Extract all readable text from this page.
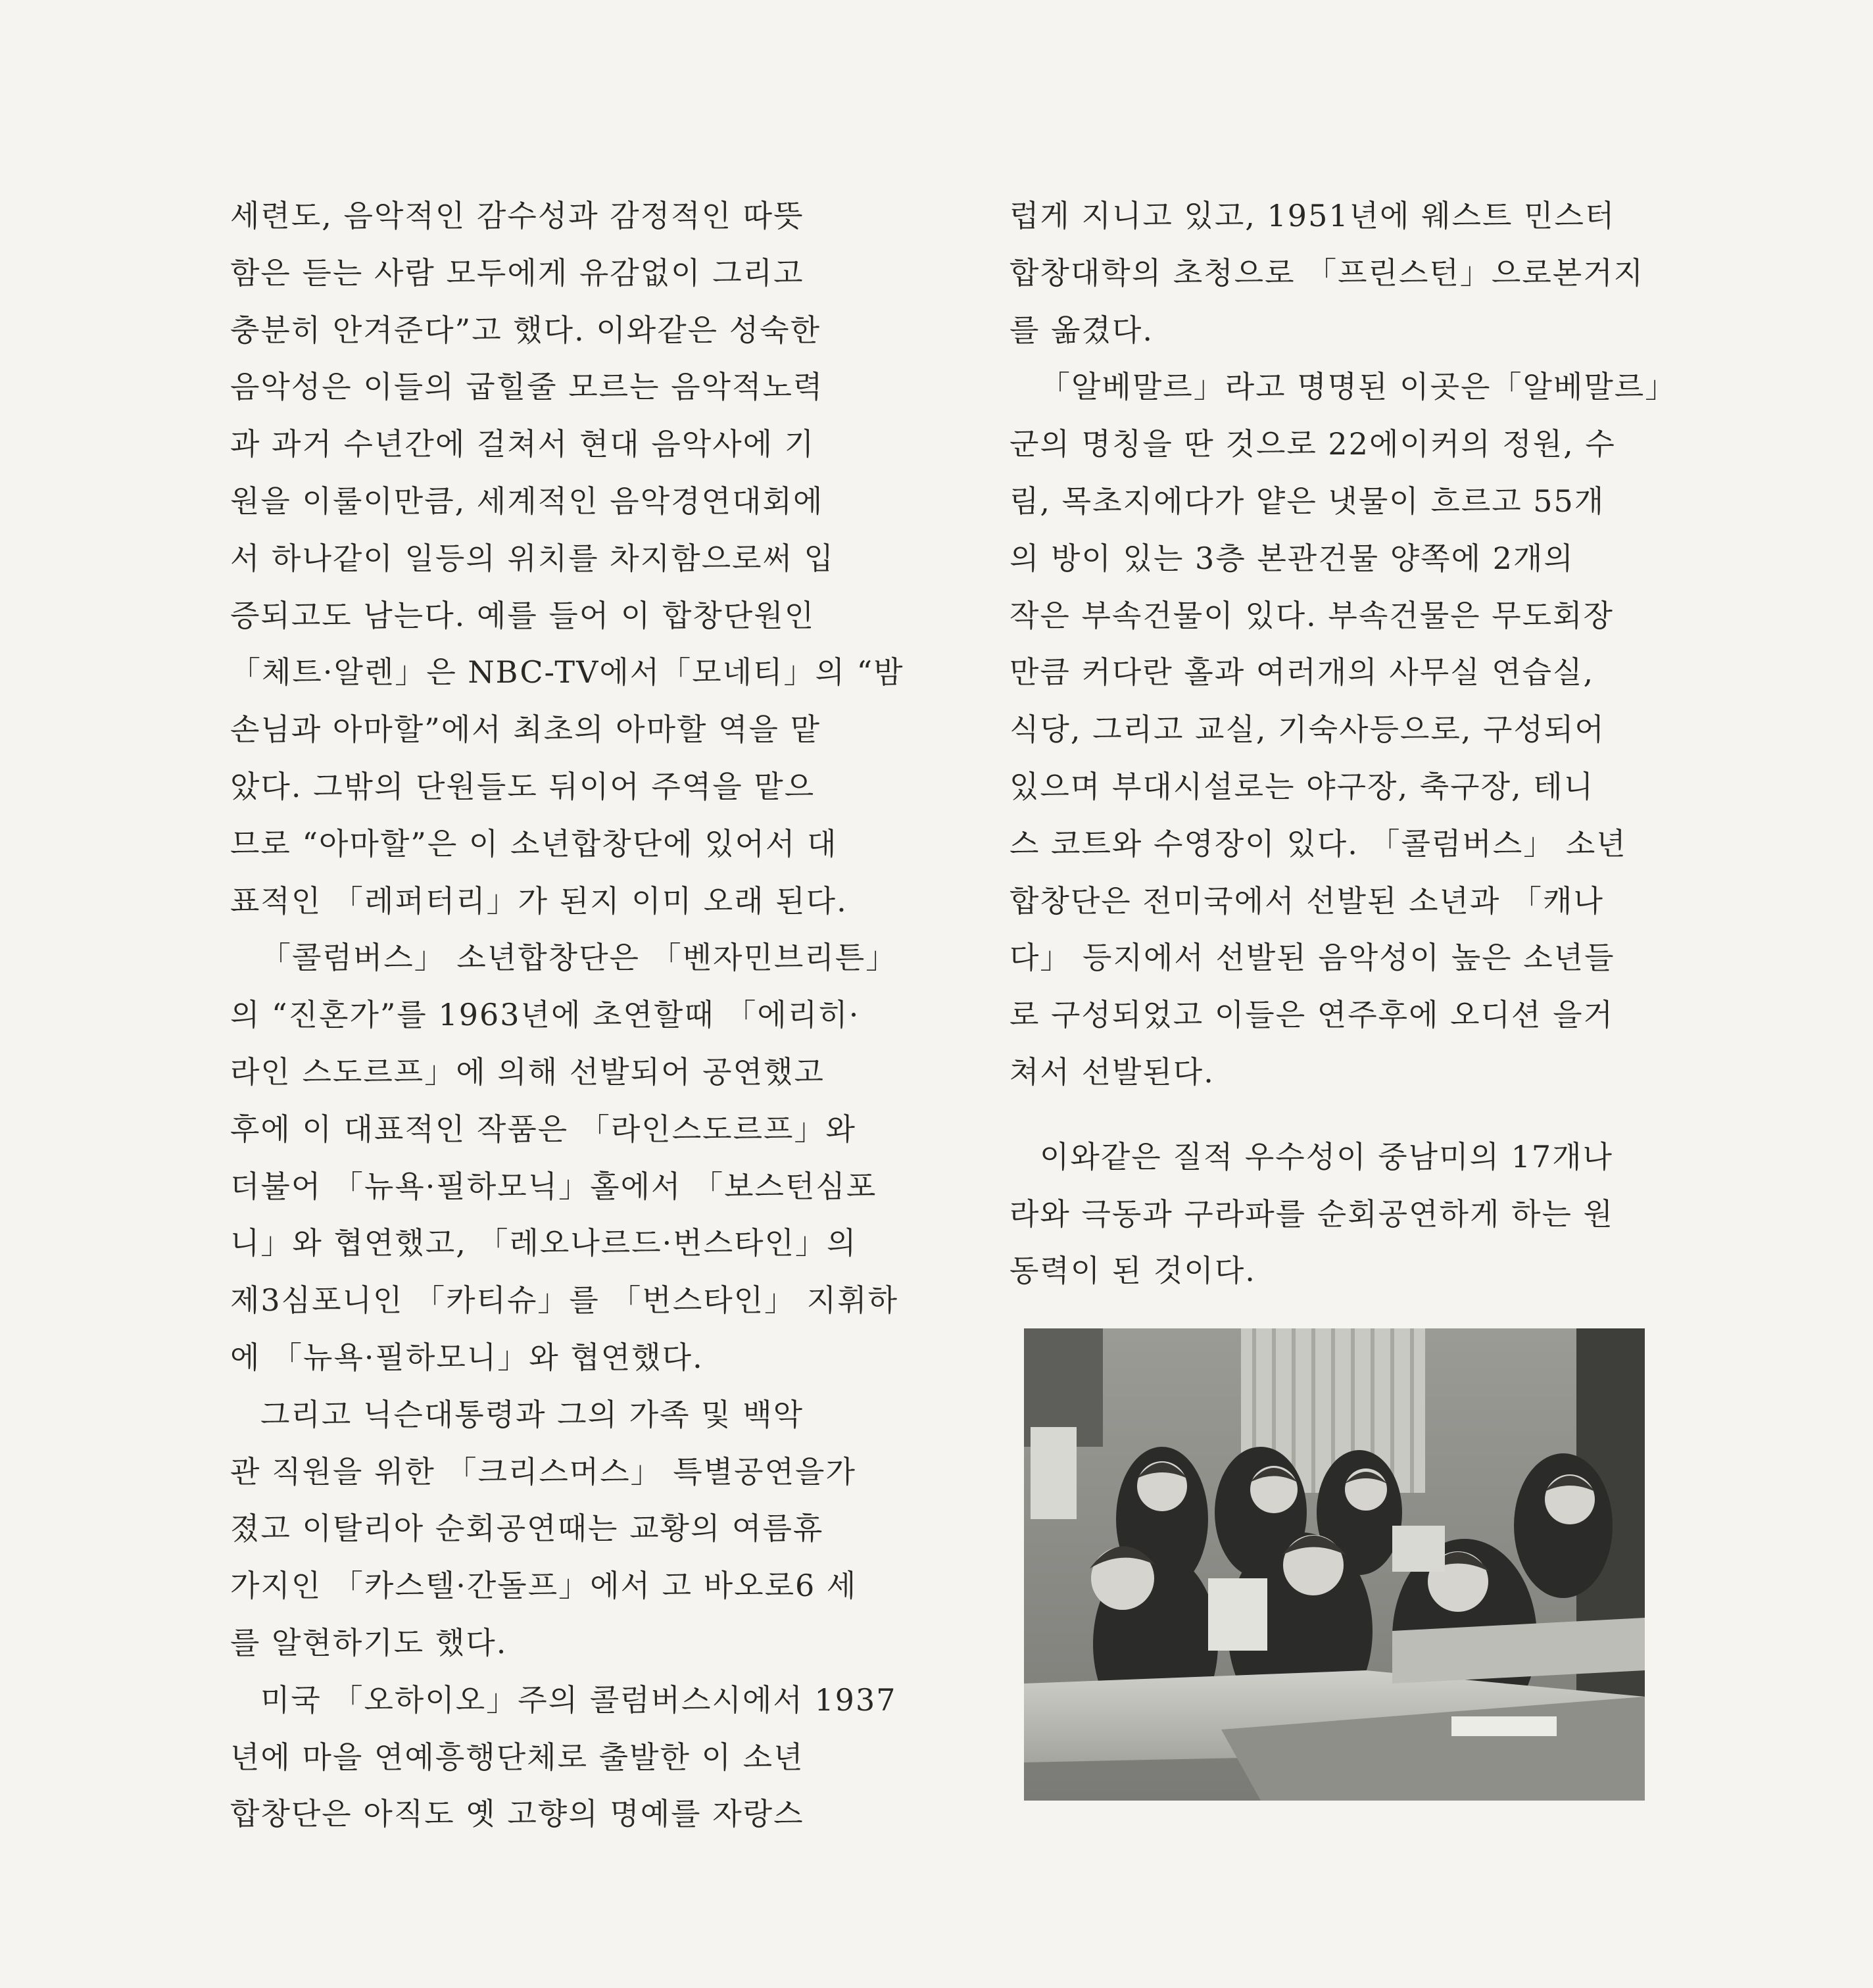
세련도, 음악적인 감수성과 감정적인 따뜻
함은 듣는 사람 모두에게 유감없이 그리고
충분히 안겨준다”고 했다. 이와같은 성숙한
음악성은 이들의 굽힐줄 모르는 음악적노력
과 과거 수년간에 걸쳐서 현대 음악사에 기
원을 이룰이만큼, 세계적인 음악경연대회에
서 하나같이 일등의 위치를 차지함으로써 입
증되고도 남는다. 예를 들어 이 합창단원인
「체트·알렌」은 NBC-TV에서「모네티」의 “밤
손님과 아마할”에서 최초의 아마할 역을 맡
았다. 그밖의 단원들도 뒤이어 주역을 맡으
므로 “아마할”은 이 소년합창단에 있어서 대
표적인 「레퍼터리」가 된지 이미 오래 된다.
「콜럼버스」 소년합창단은 「벤자민브리튼」
의 “진혼가”를 1963년에 초연할때 「에리히·
라인 스도르프」에 의해 선발되어 공연했고
후에 이 대표적인 작품은 「라인스도르프」와
더불어 「뉴욕·필하모닉」홀에서 「보스턴심포
니」와 협연했고, 「레오나르드·번스타인」의
제3심포니인 「카티슈」를 「번스타인」 지휘하
에 「뉴욕·필하모니」와 협연했다.
그리고 닉슨대통령과 그의 가족 및 백악
관 직원을 위한 「크리스머스」 특별공연을가
졌고 이탈리아 순회공연때는 교황의 여름휴
가지인 「카스텔·간돌프」에서 고 바오로6 세
를 알현하기도 했다.
미국 「오하이오」주의 콜럼버스시에서 1937
년에 마을 연예흥행단체로 출발한 이 소년
합창단은 아직도 옛 고향의 명예를 자랑스
럽게 지니고 있고, 1951년에 웨스트 민스터
합창대학의 초청으로 「프린스턴」으로본거지
를 옮겼다.
「알베말르」라고 명명된 이곳은「알베말르」
군의 명칭을 딴 것으로 22에이커의 정원, 수
림, 목초지에다가 얕은 냇물이 흐르고 55개
의 방이 있는 3층 본관건물 양쪽에 2개의
작은 부속건물이 있다. 부속건물은 무도회장
만큼 커다란 홀과 여러개의 사무실 연습실,
식당, 그리고 교실, 기숙사등으로, 구성되어
있으며 부대시설로는 야구장, 축구장, 테니
스 코트와 수영장이 있다. 「콜럼버스」 소년
합창단은 전미국에서 선발된 소년과 「캐나
다」 등지에서 선발된 음악성이 높은 소년들
로 구성되었고 이들은 연주후에 오디션 을거
쳐서 선발된다.
이와같은 질적 우수성이 중남미의 17개나
라와 극동과 구라파를 순회공연하게 하는 원
동력이 된 것이다.
